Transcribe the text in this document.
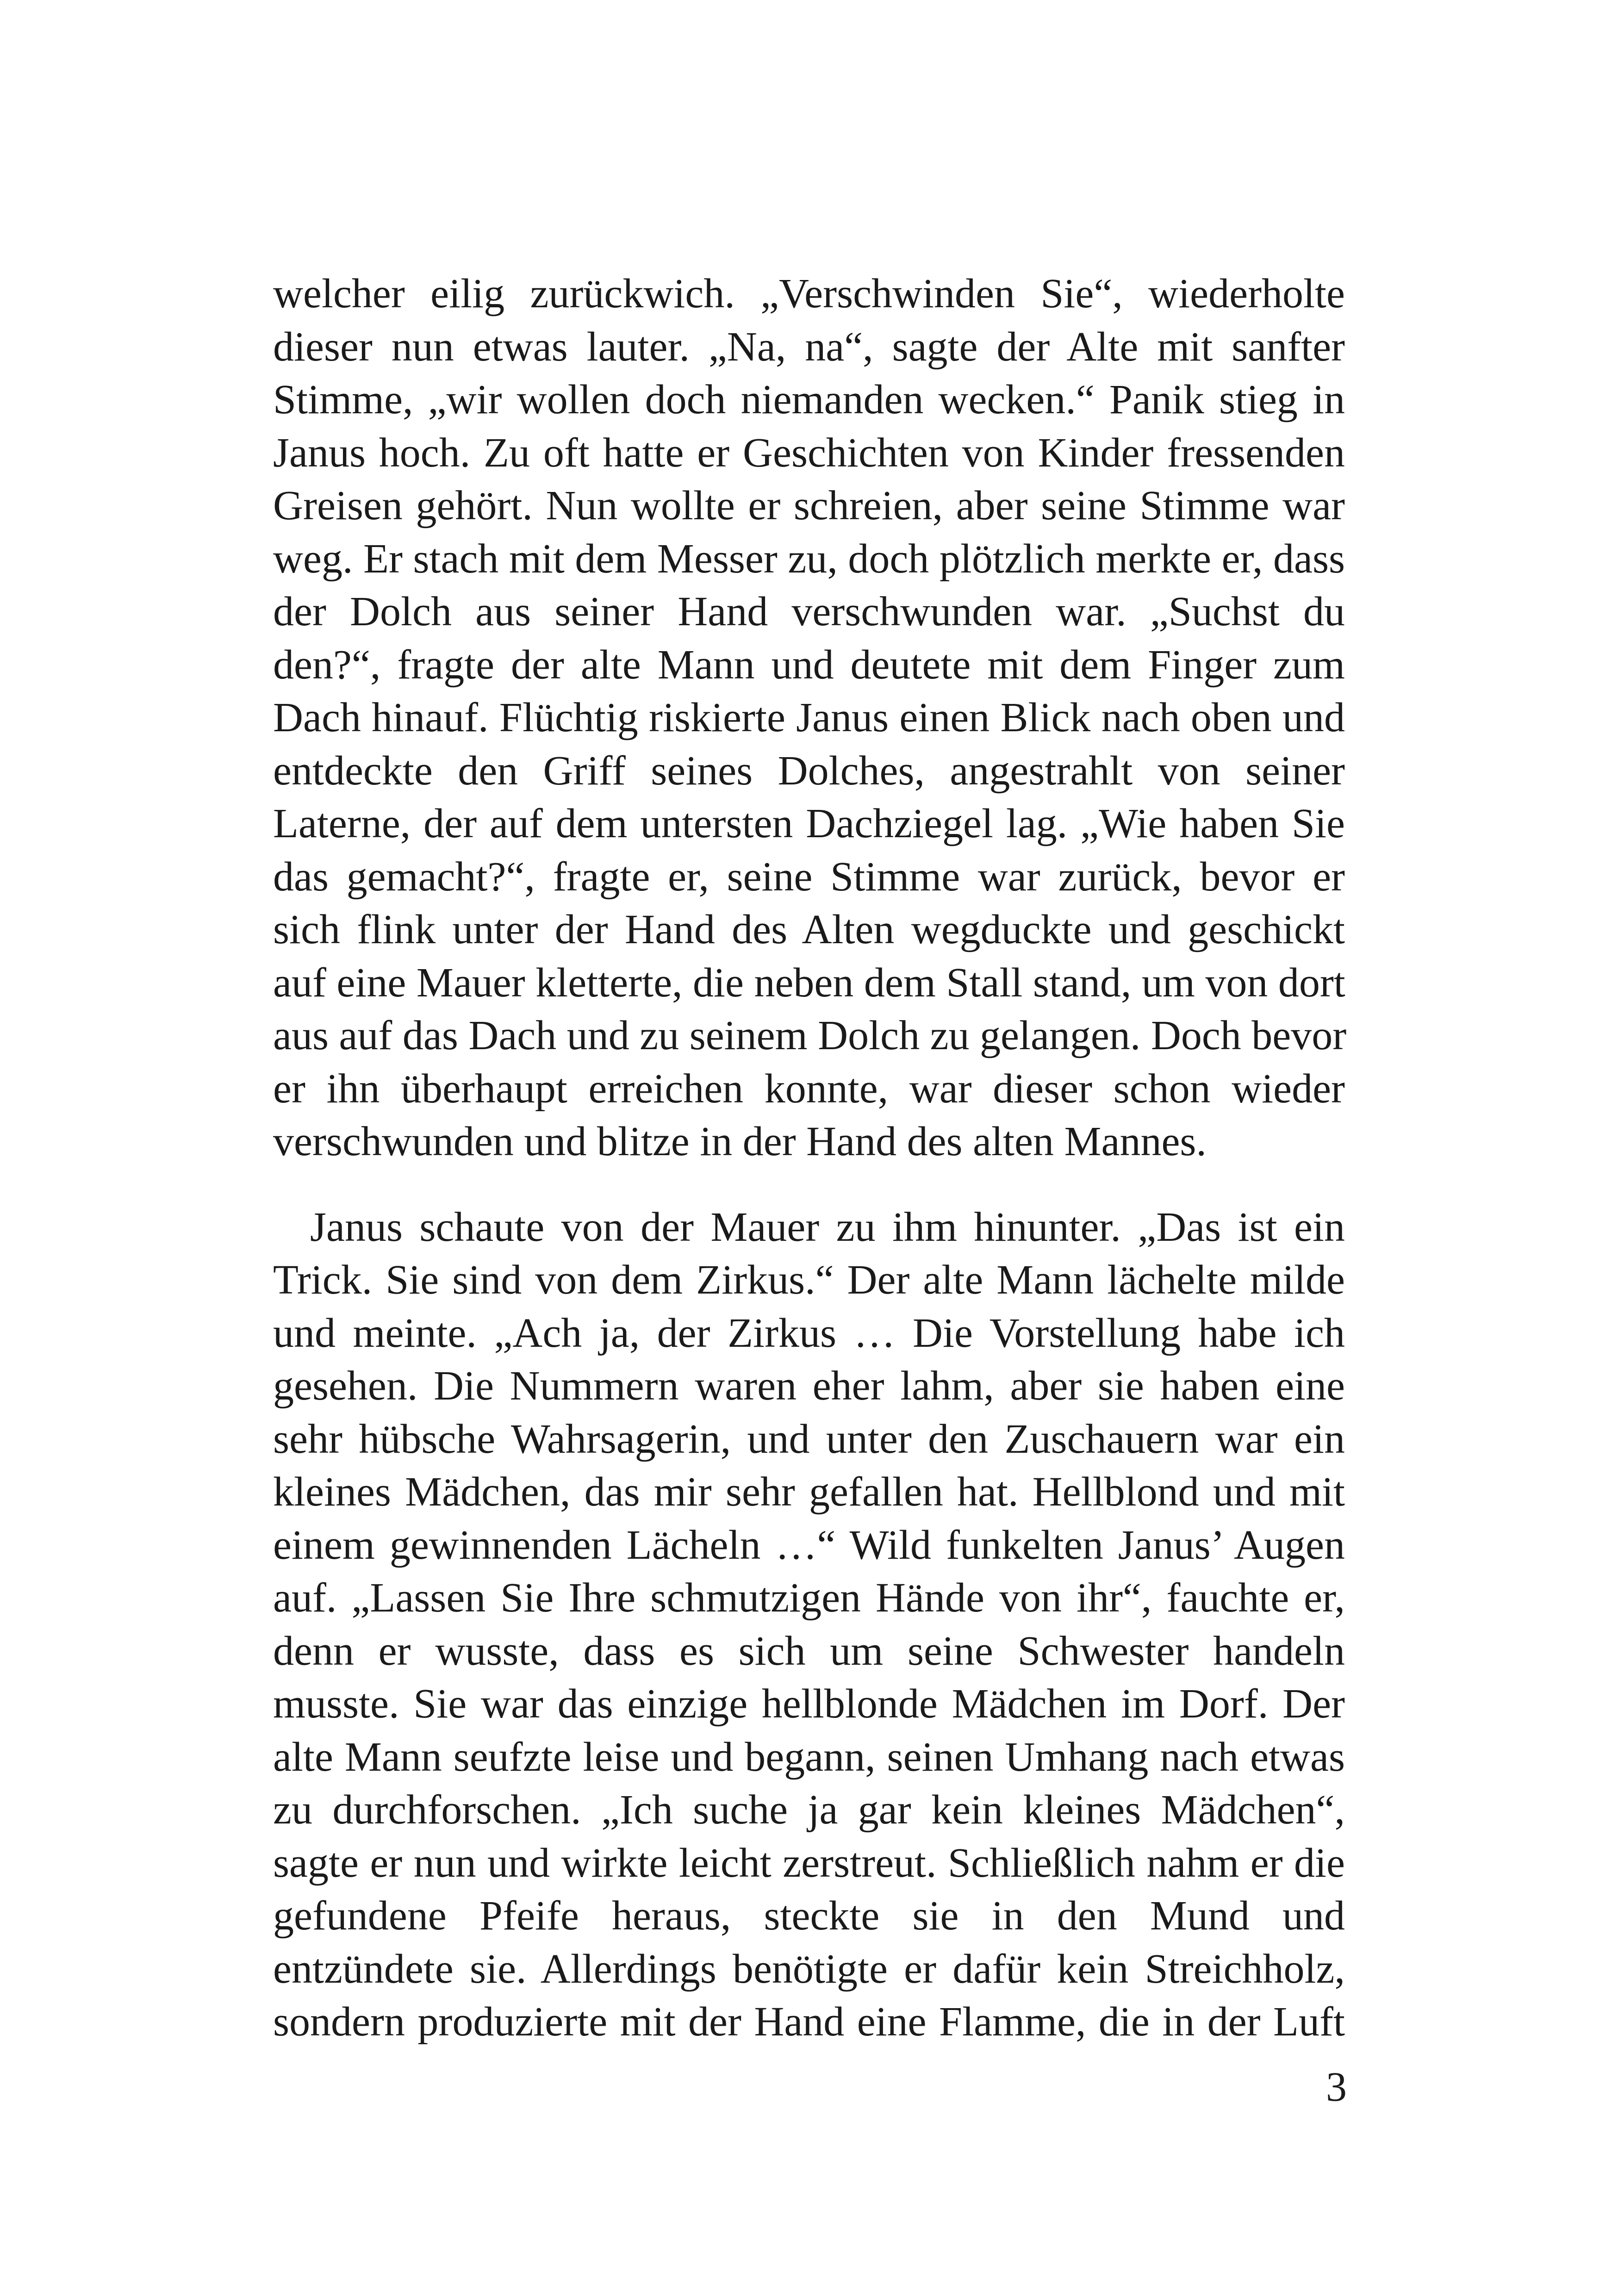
welcher eilig zurückwich. „Verschwinden Sie“, wiederholte
dieser nun etwas lauter. „Na, na“, sagte der Alte mit sanfter
Stimme, „wir wollen doch niemanden wecken.“ Panik stieg in
Janus hoch. Zu oft hatte er Geschichten von Kinder fressenden
Greisen gehört. Nun wollte er schreien, aber seine Stimme war
weg. Er stach mit dem Messer zu, doch plötzlich merkte er, dass
der Dolch aus seiner Hand verschwunden war. „Suchst du
den?“, fragte der alte Mann und deutete mit dem Finger zum
Dach hinauf. Flüchtig riskierte Janus einen Blick nach oben und
entdeckte den Griff seines Dolches, angestrahlt von seiner
Laterne, der auf dem untersten Dachziegel lag. „Wie haben Sie
das gemacht?“, fragte er, seine Stimme war zurück, bevor er
sich flink unter der Hand des Alten wegduckte und geschickt
auf eine Mauer kletterte, die neben dem Stall stand, um von dort
aus auf das Dach und zu seinem Dolch zu gelangen. Doch bevor
er ihn überhaupt erreichen konnte, war dieser schon wieder
verschwunden und blitze in der Hand des alten Mannes.
Janus schaute von der Mauer zu ihm hinunter. „Das ist ein
Trick. Sie sind von dem Zirkus.“ Der alte Mann lächelte milde
und meinte. „Ach ja, der Zirkus … Die Vorstellung habe ich
gesehen. Die Nummern waren eher lahm, aber sie haben eine
sehr hübsche Wahrsagerin, und unter den Zuschauern war ein
kleines Mädchen, das mir sehr gefallen hat. Hellblond und mit
einem gewinnenden Lächeln …“ Wild funkelten Janus’ Augen
auf. „Lassen Sie Ihre schmutzigen Hände von ihr“, fauchte er,
denn er wusste, dass es sich um seine Schwester handeln
musste. Sie war das einzige hellblonde Mädchen im Dorf. Der
alte Mann seufzte leise und begann, seinen Umhang nach etwas
zu durchforschen. „Ich suche ja gar kein kleines Mädchen“,
sagte er nun und wirkte leicht zerstreut. Schließlich nahm er die
gefundene Pfeife heraus, steckte sie in den Mund und
entzündete sie. Allerdings benötigte er dafür kein Streichholz,
sondern produzierte mit der Hand eine Flamme, die in der Luft
3
